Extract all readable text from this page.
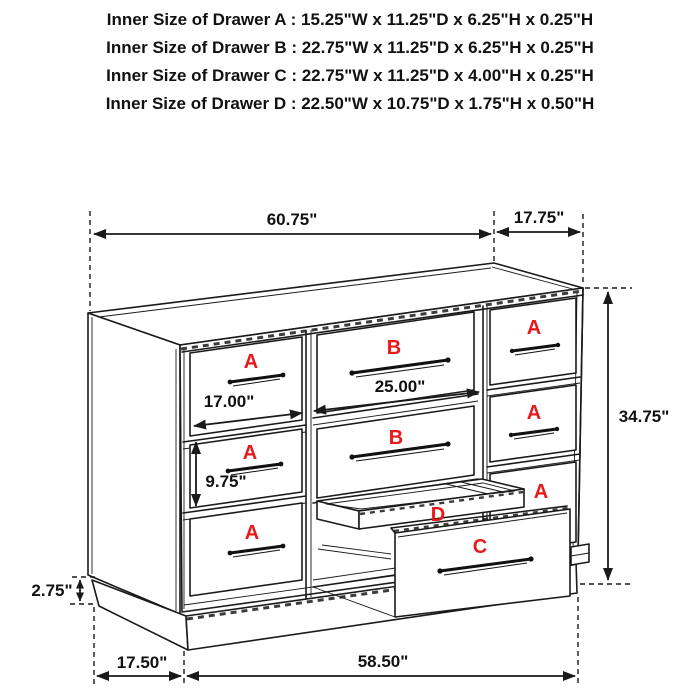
Inner Size of Drawer A : 15.25"W x 11.25"D x 6.25"H x 0.25"H
Inner Size of Drawer B : 22.75"W x 11.25"D x 6.25"H x 0.25"H
Inner Size of Drawer C : 22.75"W x 11.25"D x 4.00"H x 0.25"H
Inner Size of Drawer D : 22.50"W x 10.75"D x 1.75"H x 0.50"H
A
A
A
B
B
A
A
A
D
C
60.75"	17.75"
34.75"
25.00"
17.00"
9.75"
2.75"
17.50"	58.50"
